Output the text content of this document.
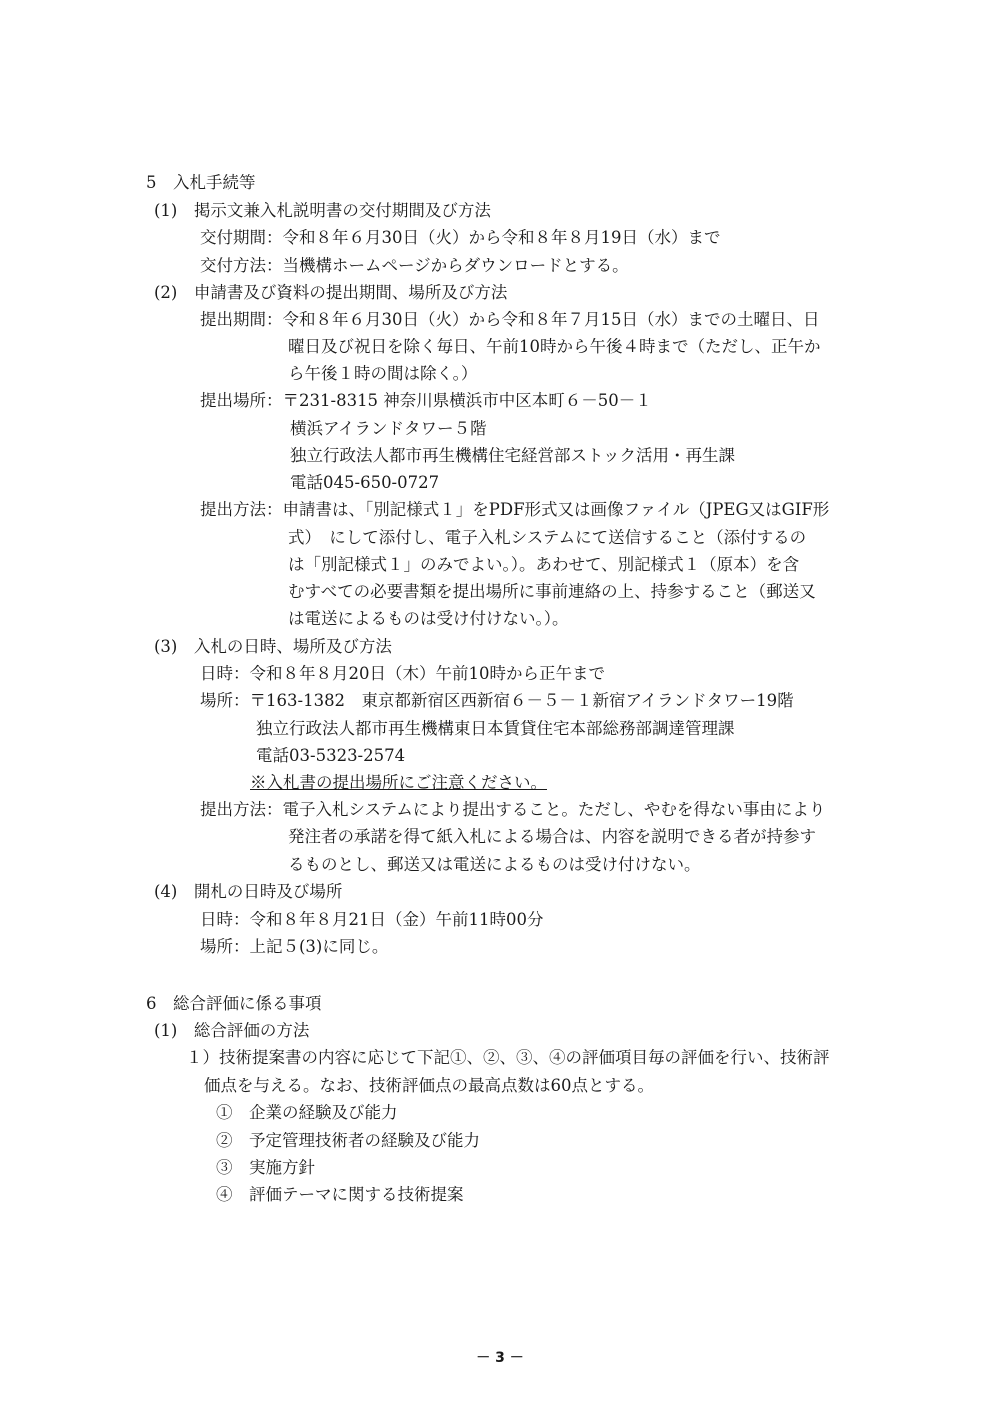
5　入札手続等

(1)　掲示文兼入札説明書の交付期間及び方法

交付期間：令和８年６月30日（火）から令和８年８月19日（水）まで

交付方法：当機構ホームページからダウンロードとする。

(2)　申請書及び資料の提出期間、場所及び方法

提出期間：令和８年６月30日（火）から令和８年７月15日（水）までの土曜日、日

曜日及び祝日を除く毎日、午前10時から午後４時まで（ただし、正午か

ら午後１時の間は除く。）

提出場所：〒231-8315 神奈川県横浜市中区本町６－50－１

横浜アイランドタワー５階

独立行政法人都市再生機構住宅経営部ストック活用・再生課

電話045-650-0727

提出方法：申請書は、「別記様式１」をPDF形式又は画像ファイル（JPEG又はGIF形

式）　にして添付し、電子入札システムにて送信すること（添付するの

は「別記様式１」のみでよい。）。あわせて、別記様式１（原本）を含

むすべての必要書類を提出場所に事前連絡の上、持参すること（郵送又

は電送によるものは受け付けない。）。

(3)　入札の日時、場所及び方法

日時：令和８年８月20日（木）午前10時から正午まで

場所：〒163-1382　東京都新宿区西新宿６－５－１新宿アイランドタワー19階

独立行政法人都市再生機構東日本賃貸住宅本部総務部調達管理課

電話03-5323-2574

※入札書の提出場所にご注意ください。

提出方法：電子入札システムにより提出すること。ただし、やむを得ない事由により

発注者の承諾を得て紙入札による場合は、内容を説明できる者が持参す

るものとし、郵送又は電送によるものは受け付けない。

(4)　開札の日時及び場所

日時：令和８年８月21日（金）午前11時00分

場所：上記５(3)に同じ。

6　総合評価に係る事項

(1)　総合評価の方法

１）技術提案書の内容に応じて下記①、②、③、④の評価項目毎の評価を行い、技術評

価点を与える。なお、技術評価点の最高点数は60点とする。

①　企業の経験及び能力

②　予定管理技術者の経験及び能力

③　実施方針

④　評価テーマに関する技術提案

－ 3 －
